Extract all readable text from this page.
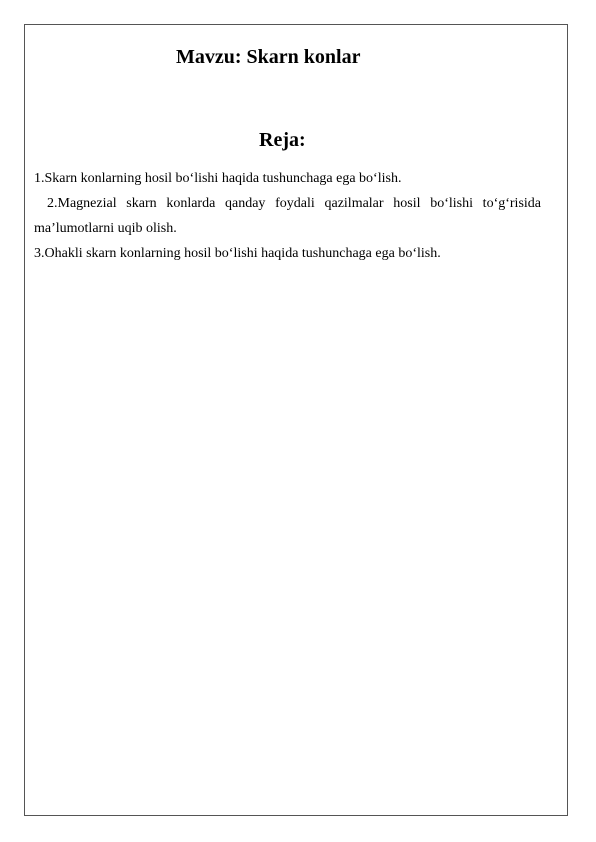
Mavzu: Skarn konlar
Reja:

1.Skarn konlarning hosil bo‘lishi haqida tushunchaga ega bo‘lish.

2.Magnezial skarn konlarda qanday foydali qazilmalar hosil bo‘lishi to‘g‘risida ma’lumotlarni uqib olish.

3.Ohakli skarn konlarning hosil bo‘lishi haqida tushunchaga ega bo‘lish.
